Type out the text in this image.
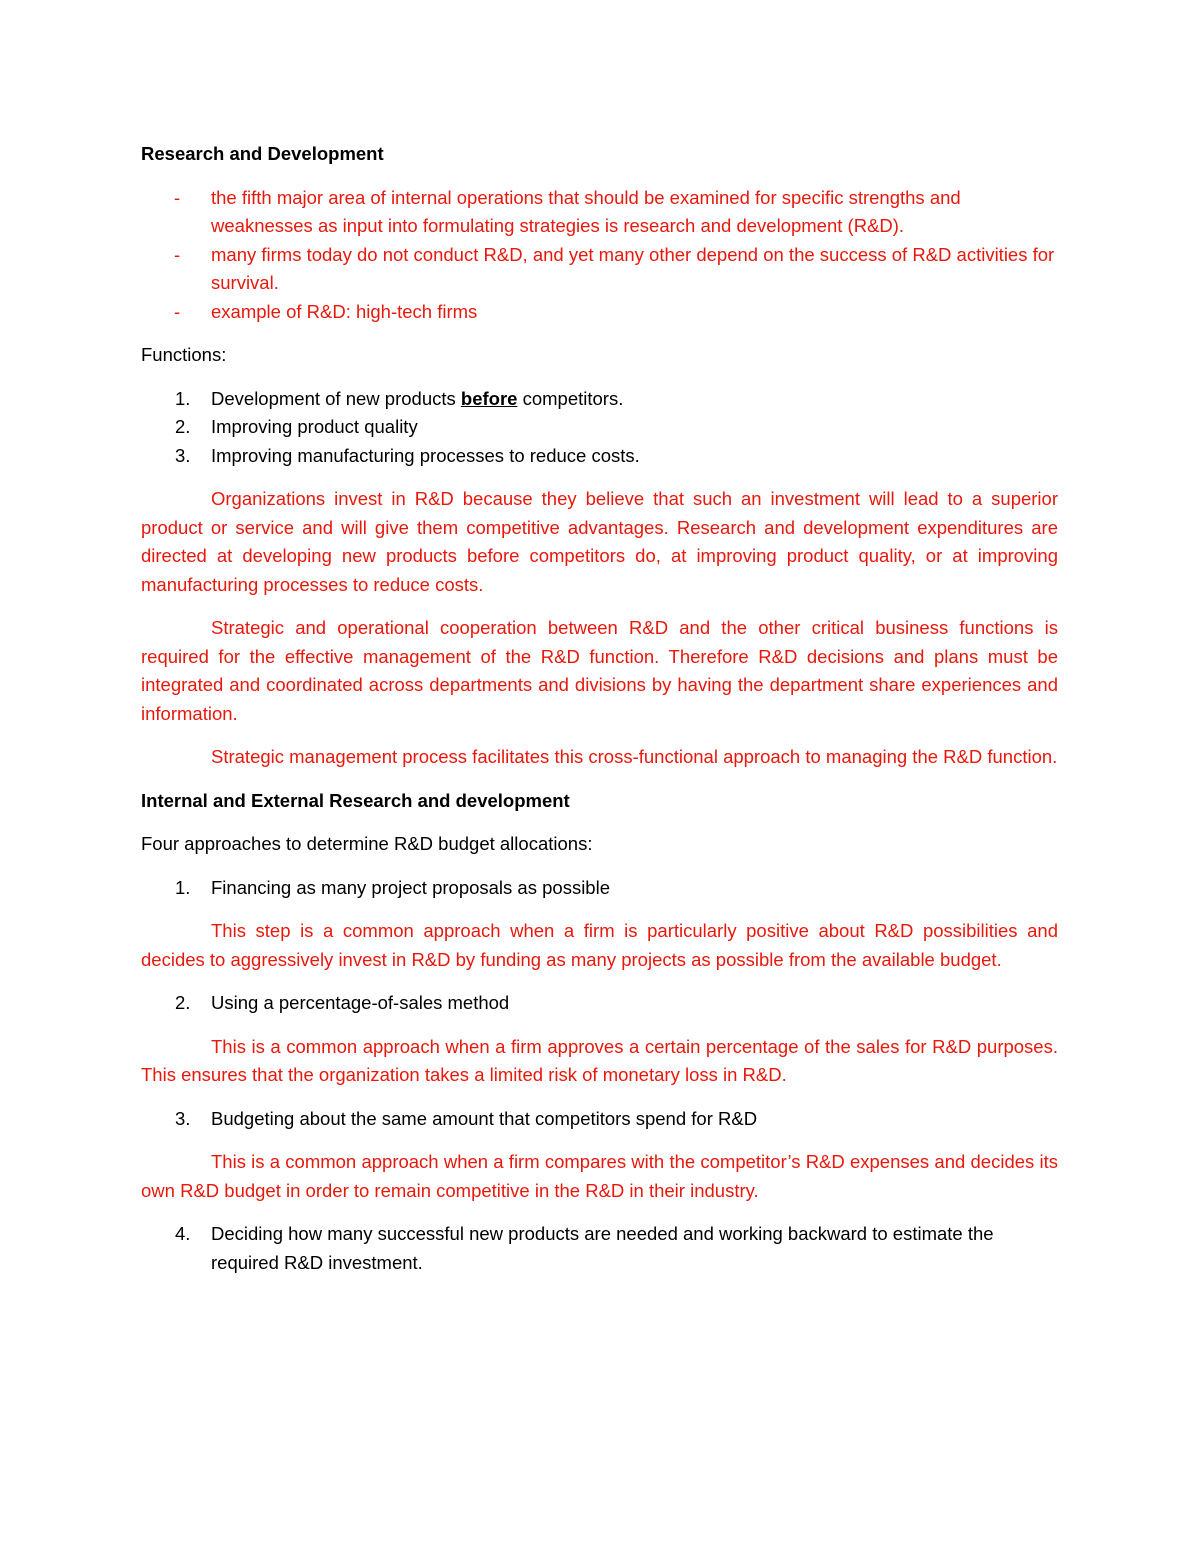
Research and Development

- the fifth major area of internal operations that should be examined for specific strengths and weaknesses as input into formulating strategies is research and development (R&D).
- many firms today do not conduct R&D, and yet many other depend on the success of R&D activities for survival.
- example of R&D: high-tech firms

Functions:

1. Development of new products before competitors.
2. Improving product quality
3. Improving manufacturing processes to reduce costs.

Organizations invest in R&D because they believe that such an investment will lead to a superior product or service and will give them competitive advantages. Research and development expenditures are directed at developing new products before competitors do, at improving product quality, or at improving manufacturing processes to reduce costs.

Strategic and operational cooperation between R&D and the other critical business functions is required for the effective management of the R&D function. Therefore R&D decisions and plans must be integrated and coordinated across departments and divisions by having the department share experiences and information.

Strategic management process facilitates this cross-functional approach to managing the R&D function.

Internal and External Research and development

Four approaches to determine R&D budget allocations:

1. Financing as many project proposals as possible

This step is a common approach when a firm is particularly positive about R&D possibilities and decides to aggressively invest in R&D by funding as many projects as possible from the available budget.

2. Using a percentage-of-sales method

This is a common approach when a firm approves a certain percentage of the sales for R&D purposes. This ensures that the organization takes a limited risk of monetary loss in R&D.

3. Budgeting about the same amount that competitors spend for R&D

This is a common approach when a firm compares with the competitor’s R&D expenses and decides its own R&D budget in order to remain competitive in the R&D in their industry.

4. Deciding how many successful new products are needed and working backward to estimate the required R&D investment.
